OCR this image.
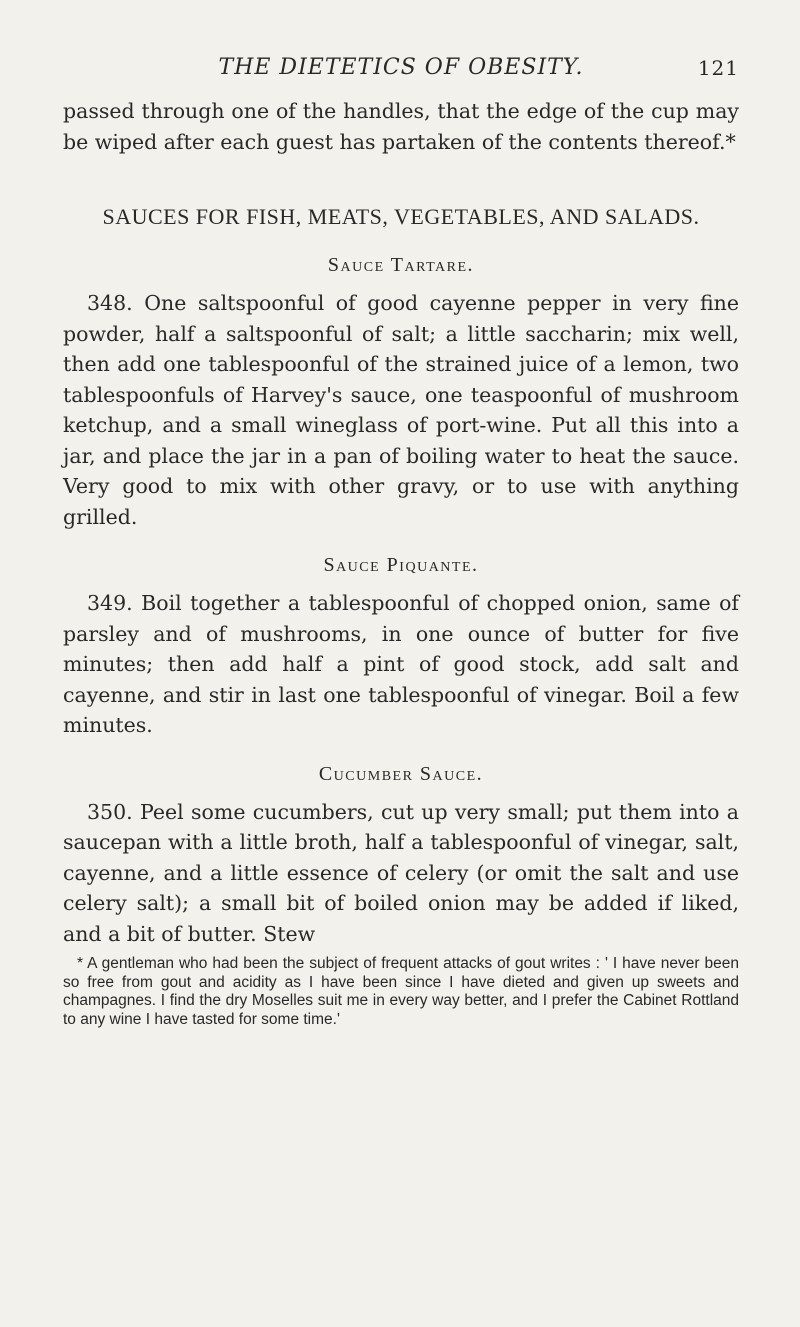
THE DIETETICS OF OBESITY.	121

passed through one of the handles, that the edge of the cup may be wiped after each guest has partaken of the contents thereof.*

SAUCES FOR FISH, MEATS, VEGETABLES, AND SALADS.
Sauce Tartare.

348. One saltspoonful of good cayenne pepper in very fine powder, half a saltspoonful of salt; a little saccharin; mix well, then add one tablespoonful of the strained juice of a lemon, two tablespoonfuls of Harvey's sauce, one teaspoonful of mushroom ketchup, and a small wineglass of port-wine. Put all this into a jar, and place the jar in a pan of boiling water to heat the sauce. Very good to mix with other gravy, or to use with anything grilled.

Sauce Piquante.

349. Boil together a tablespoonful of chopped onion, same of parsley and of mushrooms, in one ounce of butter for five minutes; then add half a pint of good stock, add salt and cayenne, and stir in last one tablespoonful of vinegar. Boil a few minutes.

Cucumber Sauce.

350. Peel some cucumbers, cut up very small; put them into a saucepan with a little broth, half a tablespoonful of vinegar, salt, cayenne, and a little essence of celery (or omit the salt and use celery salt); a small bit of boiled onion may be added if liked, and a bit of butter. Stew

* A gentleman who had been the subject of frequent attacks of gout writes : ' I have never been so free from gout and acidity as I have been since I have dieted and given up sweets and champagnes. I find the dry Moselles suit me in every way better, and I prefer the Cabinet Rottland to any wine I have tasted for some time.'
